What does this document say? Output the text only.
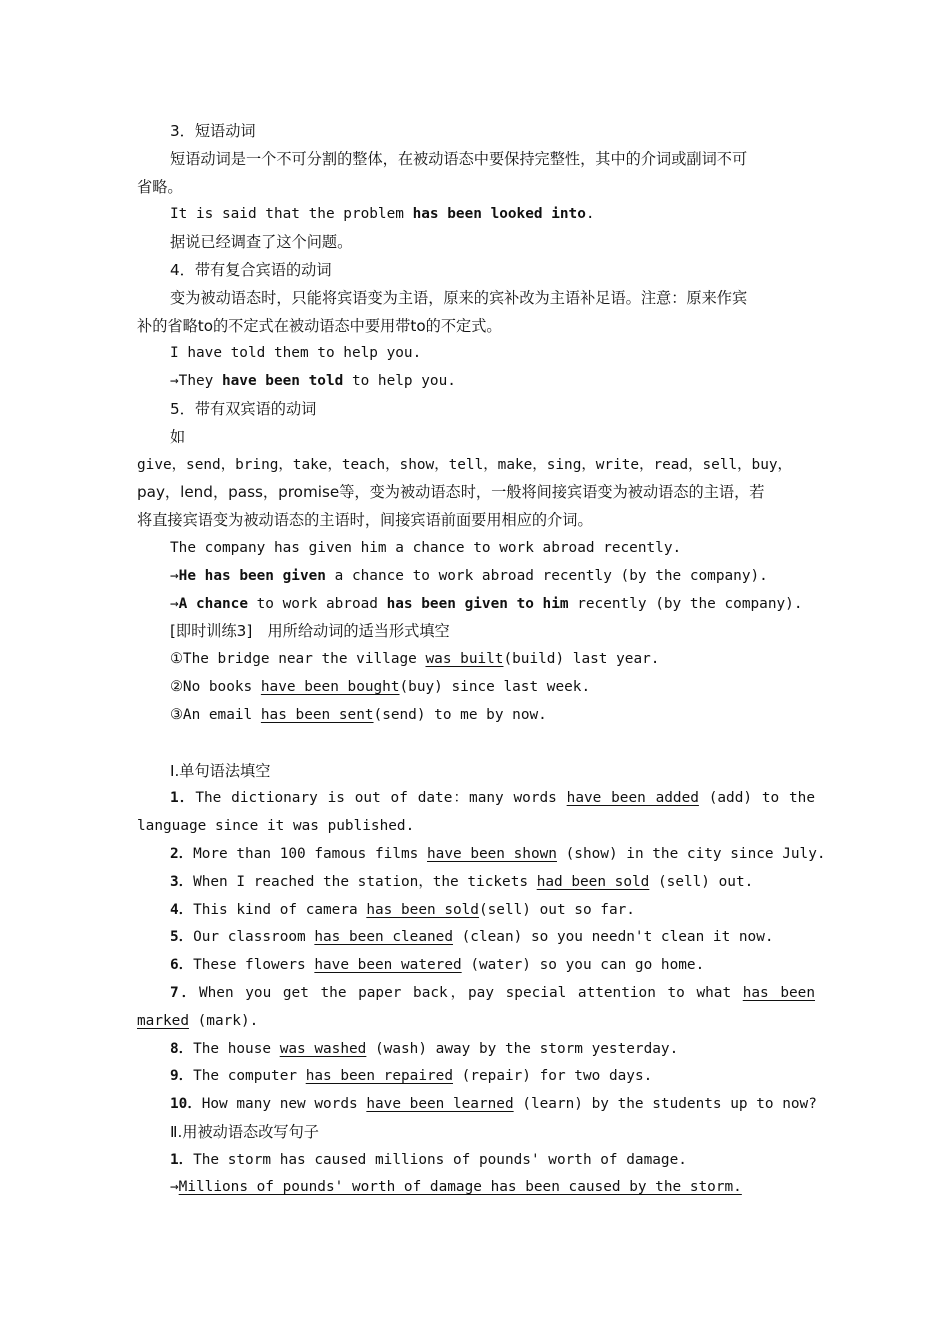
3．短语动词
短语动词是一个不可分割的整体，在被动语态中要保持完整性，其中的介词或副词不可
省略。
It is said that the problem has been looked into.
据说已经调查了这个问题。
4．带有复合宾语的动词
变为被动语态时，只能将宾语变为主语，原来的宾补改为主语补足语。注意：原来作宾
补的省略to的不定式在被动语态中要用带to的不定式。
I have told them to help you.
→They have been told to help you.
5．带有双宾语的动词
如
give，send，bring，take，teach，show，tell，make，sing，write，read，sell，buy，
pay，lend，pass，promise等，变为被动语态时，一般将间接宾语变为被动语态的主语，若
将直接宾语变为被动语态的主语时，间接宾语前面要用相应的介词。
The company has given him a chance to work abroad recently.
→He has been given a chance to work abroad recently (by the company).
→A chance to work abroad has been given to him recently (by the company).
[即时训练3]　用所给动词的适当形式填空
①The bridge near the village was built(build) last year.
②No books have been bought(buy) since last week.
③An email has been sent(send) to me by now.
Ⅰ.单句语法填空
1．The dictionary is out of date：many words have been added (add) to the
language since it was published.
2．More than 100 famous films have been shown (show) in the city since July.
3．When I reached the station，the tickets had been sold (sell) out.
4．This kind of camera has been sold(sell) out so far.
5．Our classroom has been cleaned (clean) so you needn't clean it now.
6．These flowers have been watered (water) so you can go home.
7．When you get the paper back，pay special attention to what has been
marked (mark).
8．The house was washed (wash) away by the storm yesterday.
9．The computer has been repaired (repair) for two days.
10．How many new words have been learned (learn) by the students up to now?
Ⅱ.用被动语态改写句子
1．The storm has caused millions of pounds' worth of damage.
→Millions of pounds' worth of damage has been caused by the storm.
